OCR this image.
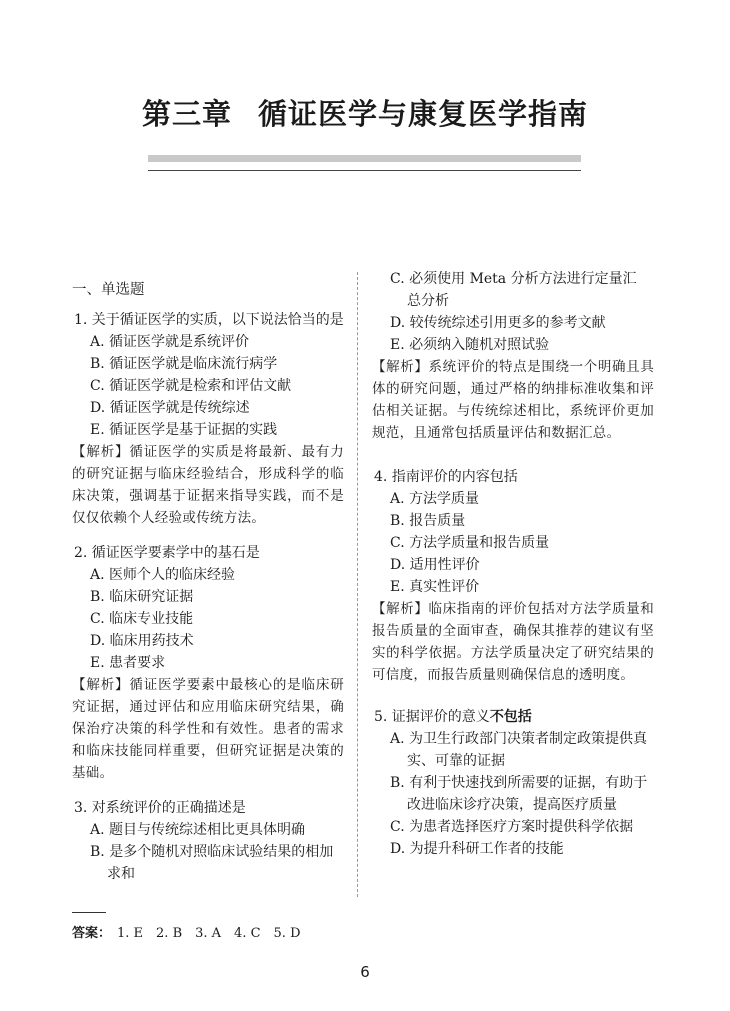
第三章 循证医学与康复医学指南
一、单选题
1. 关于循证医学的实质，以下说法恰当的是
A. 循证医学就是系统评价
B. 循证医学就是临床流行病学
C. 循证医学就是检索和评估文献
D. 循证医学就是传统综述
E. 循证医学是基于证据的实践
【解析】循证医学的实质是将最新、最有力的研究证据与临床经验结合，形成科学的临床决策，强调基于证据来指导实践，而不是仅仅依赖个人经验或传统方法。
2. 循证医学要素学中的基石是
A. 医师个人的临床经验
B. 临床研究证据
C. 临床专业技能
D. 临床用药技术
E. 患者要求
【解析】循证医学要素中最核心的是临床研究证据，通过评估和应用临床研究结果，确保治疗决策的科学性和有效性。患者的需求和临床技能同样重要，但研究证据是决策的基础。
3. 对系统评价的正确描述是
A. 题目与传统综述相比更具体明确
B. 是多个随机对照临床试验结果的相加求和
C. 必须使用 Meta 分析方法进行定量汇总分析
D. 较传统综述引用更多的参考文献
E. 必须纳入随机对照试验
【解析】系统评价的特点是围绕一个明确且具体的研究问题，通过严格的纳排标准收集和评估相关证据。与传统综述相比，系统评价更加规范，且通常包括质量评估和数据汇总。
4. 指南评价的内容包括
A. 方法学质量
B. 报告质量
C. 方法学质量和报告质量
D. 适用性评价
E. 真实性评价
【解析】临床指南的评价包括对方法学质量和报告质量的全面审查，确保其推荐的建议有坚实的科学依据。方法学质量决定了研究结果的可信度，而报告质量则确保信息的透明度。
5. 证据评价的意义不包括
A. 为卫生行政部门决策者制定政策提供真实、可靠的证据
B. 有利于快速找到所需要的证据，有助于改进临床诊疗决策，提高医疗质量
C. 为患者选择医疗方案时提供科学依据
D. 为提升科研工作者的技能
答案： 1. E　2. B　3. A　4. C　5. D
6
